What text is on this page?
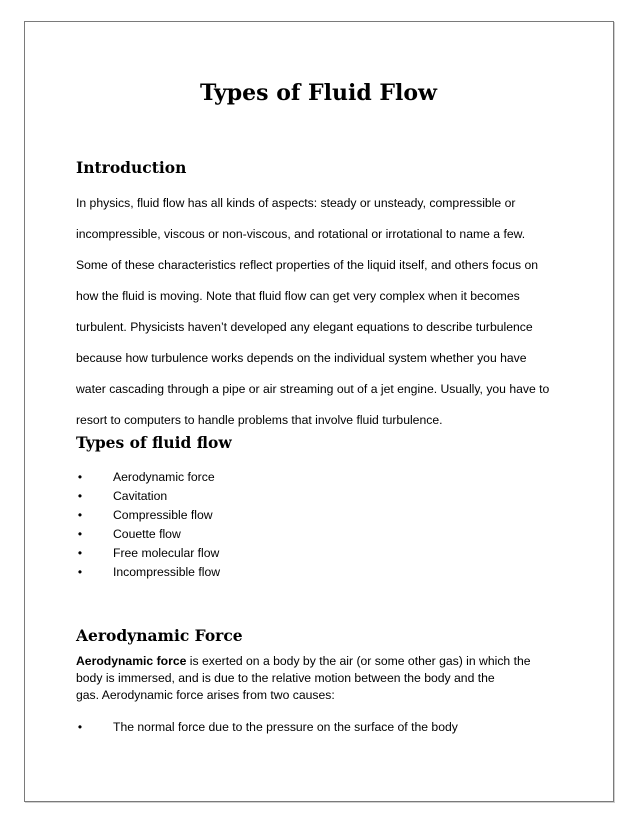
Types of Fluid Flow
Introduction
In physics, fluid flow has all kinds of aspects: steady or unsteady, compressible or
incompressible, viscous or non-viscous, and rotational or irrotational to name a few.
Some of these characteristics reflect properties of the liquid itself, and others focus on
how the fluid is moving. Note that fluid flow can get very complex when it becomes
turbulent. Physicists haven’t developed any elegant equations to describe turbulence
because how turbulence works depends on the individual system whether you have
water cascading through a pipe or air streaming out of a jet engine. Usually, you have to
resort to computers to handle problems that involve fluid turbulence.
Types of fluid flow
•	Aerodynamic force
•	Cavitation
•	Compressible flow
•	Couette flow
•	Free molecular flow
•	Incompressible flow
Aerodynamic Force
Aerodynamic force is exerted on a body by the air (or some other gas) in which the
body is immersed, and is due to the relative motion between the body and the
gas. Aerodynamic force arises from two causes:
•	The normal force due to the pressure on the surface of the body
